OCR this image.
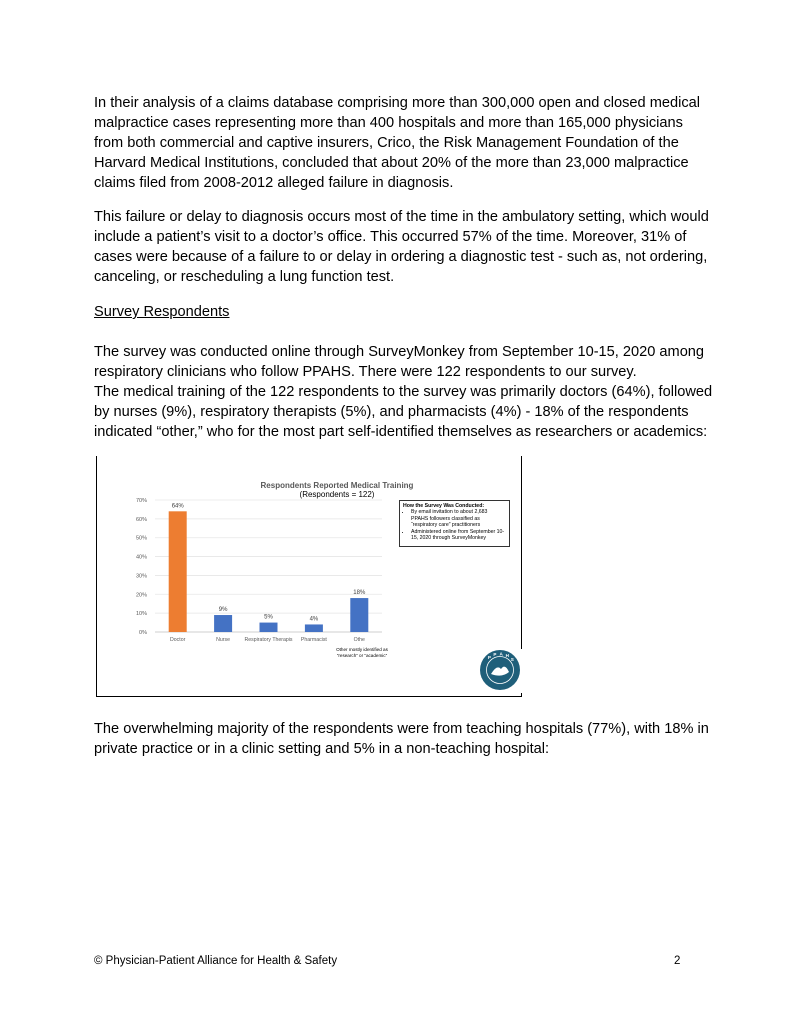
In their analysis of a claims database comprising more than 300,000 open and closed medical malpractice cases representing more than 400 hospitals and more than 165,000 physicians from both commercial and captive insurers, Crico, the Risk Management Foundation of the Harvard Medical Institutions, concluded that about 20% of the more than 23,000 malpractice claims filed from 2008-2012 alleged failure in diagnosis.

This failure or delay to diagnosis occurs most of the time in the ambulatory setting, which would include a patient’s visit to a doctor’s office. This occurred 57% of the time. Moreover, 31% of cases were because of a failure to or delay in ordering a diagnostic test - such as, not ordering, canceling, or rescheduling a lung function test.

Survey Respondents

The survey was conducted online through SurveyMonkey from September 10-15, 2020 among respiratory clinicians who follow PPAHS. There were 122 respondents to our survey.
The medical training of the 122 respondents to the survey was primarily doctors (64%), followed by nurses (9%), respiratory therapists (5%), and pharmacists (4%) - 18% of the respondents indicated “other,” who for the most part self-identified themselves as researchers or academics:
0%
10%
20%
30%
40%
50%
60%
70%
64%
Doctor
9%
Nurse
5%
Respiratory Therapis
4%
Pharmacist
18%
Othe
P
P A H
S
Respondents Reported Medical Training
(Respondents = 122)
How the Survey Was Conducted:
• By email invitation to about 2,683 PPAHS followers classified as “respiratory care” practitioners
• Administered online from September 10-15, 2020 through SurveyMonkey
Other mostly identified as “research” or “academic”

The overwhelming majority of the respondents were from teaching hospitals (77%), with 18% in private practice or in a clinic setting and 5% in a non-teaching hospital:

© Physician-Patient Alliance for Health & Safety	2
